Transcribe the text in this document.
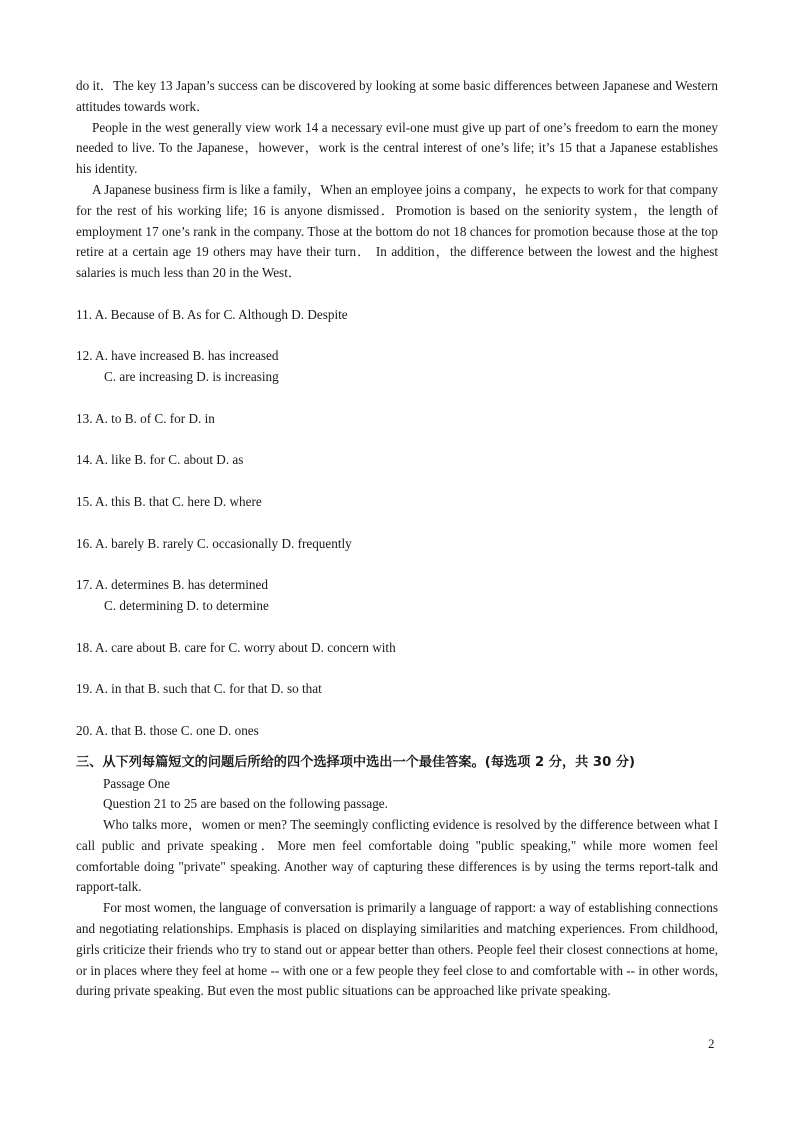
do it．The key 13 Japan’s success can be discovered by looking at some basic differences between Japanese and Western attitudes towards work．

People in the west generally view work 14 a necessary evil-one must give up part of one’s freedom to earn the money needed to live. To the Japanese，however，work is the central interest of one’s life; it’s 15 that a Japanese establishes his identity.

A Japanese business firm is like a family，When an employee joins a company，he expects to work for that company for the rest of his working life; 16 is anyone dismissed．Promotion is based on the seniority system，the length of employment 17 one’s rank in the company. Those at the bottom do not 18 chances for promotion because those at the top retire at a certain age 19 others may have their turn． In addition，the difference between the lowest and the highest salaries is much less than 20 in the West．

11. A. Because of B. As for C. Although D. Despite

12. A. have increased B. has increased

C. are increasing D. is increasing

13. A. to B. of C. for D. in

14. A. like B. for C. about D. as

15. A. this B. that C. here D. where

16. A. barely B. rarely C. occasionally D. frequently

17. A. determines B. has determined

C. determining D. to determine

18. A. care about B. care for C. worry about D. concern with

19. A. in that B. such that C. for that D. so that

20. A. that B. those C. one D. ones

三、从下列每篇短文的问题后所给的四个选择项中选出一个最佳答案。(每选项 2 分，共 30 分)

Passage One

Question 21 to 25 are based on the following passage.

Who talks more，women or men? The seemingly conflicting evidence is resolved by the difference between what I call public and private speaking．More men feel comfortable doing "public speaking," while more women feel comfortable doing "private" speaking. Another way of capturing these differences is by using the terms report-talk and rapport-talk.

For most women, the language of conversation is primarily a language of rapport: a way of establishing connections and negotiating relationships. Emphasis is placed on displaying similarities and matching experiences. From childhood, girls criticize their friends who try to stand out or appear better than others. People feel their closest connections at home, or in places where they feel at home -- with one or a few people they feel close to and comfortable with -- in other words, during private speaking. But even the most public situations can be approached like private speaking.

2
